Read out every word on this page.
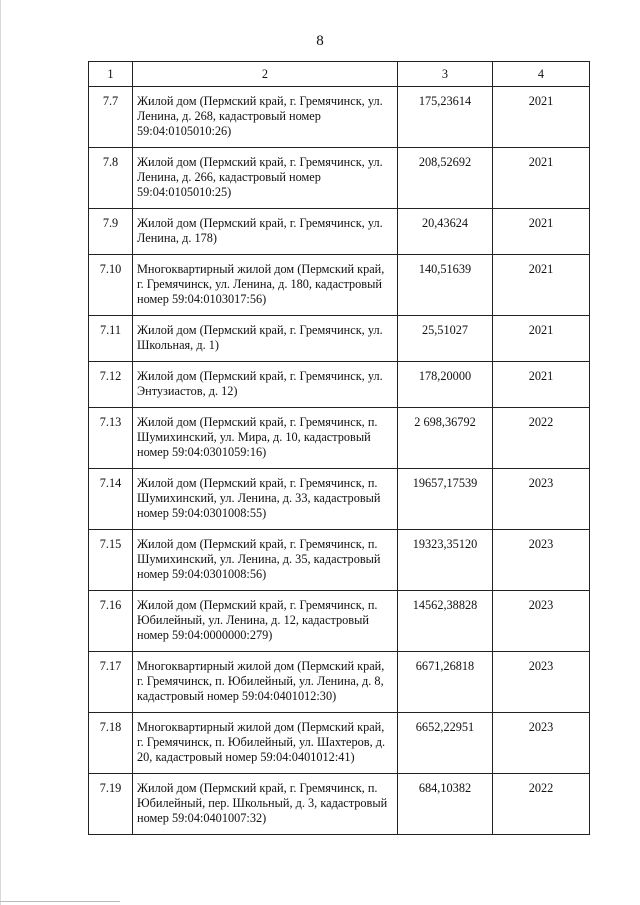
8
1	2	3	4
7.7	Жилой дом (Пермский край, г. Гремячинск, ул. Ленина, д. 268, кадастровый номер 59:04:0105010:26)	175,23614	2021
7.8	Жилой дом (Пермский край, г. Гремячинск, ул. Ленина, д. 266, кадастровый номер 59:04:0105010:25)	208,52692	2021
7.9	Жилой дом (Пермский край, г. Гремячинск, ул. Ленина, д. 178)	20,43624	2021
7.10	Многоквартирный жилой дом (Пермский край, г. Гремячинск, ул. Ленина, д. 180, кадастровый номер 59:04:0103017:56)	140,51639	2021
7.11	Жилой дом (Пермский край, г. Гремячинск, ул. Школьная, д. 1)	25,51027	2021
7.12	Жилой дом (Пермский край, г. Гремячинск, ул. Энтузиастов, д. 12)	178,20000	2021
7.13	Жилой дом (Пермский край, г. Гремячинск, п. Шумихинский, ул. Мира, д. 10, кадастровый номер 59:04:0301059:16)	2 698,36792	2022
7.14	Жилой дом (Пермский край, г. Гремячинск, п. Шумихинский, ул. Ленина, д. 33, кадастровый номер 59:04:0301008:55)	19657,17539	2023
7.15	Жилой дом (Пермский край, г. Гремячинск, п. Шумихинский, ул. Ленина, д. 35, кадастровый номер 59:04:0301008:56)	19323,35120	2023
7.16	Жилой дом (Пермский край, г. Гремячинск, п. Юбилейный, ул. Ленина, д. 12, кадастровый номер 59:04:0000000:279)	14562,38828	2023
7.17	Многоквартирный жилой дом (Пермский край, г. Гремячинск, п. Юбилейный, ул. Ленина, д. 8, кадастровый номер 59:04:0401012:30)	6671,26818	2023
7.18	Многоквартирный жилой дом (Пермский край, г. Гремячинск, п. Юбилейный, ул. Шахтеров, д. 20, кадастровый номер 59:04:0401012:41)	6652,22951	2023
7.19	Жилой дом (Пермский край, г. Гремячинск, п. Юбилейный, пер. Школьный, д. 3, кадастровый номер 59:04:0401007:32)	684,10382	2022
